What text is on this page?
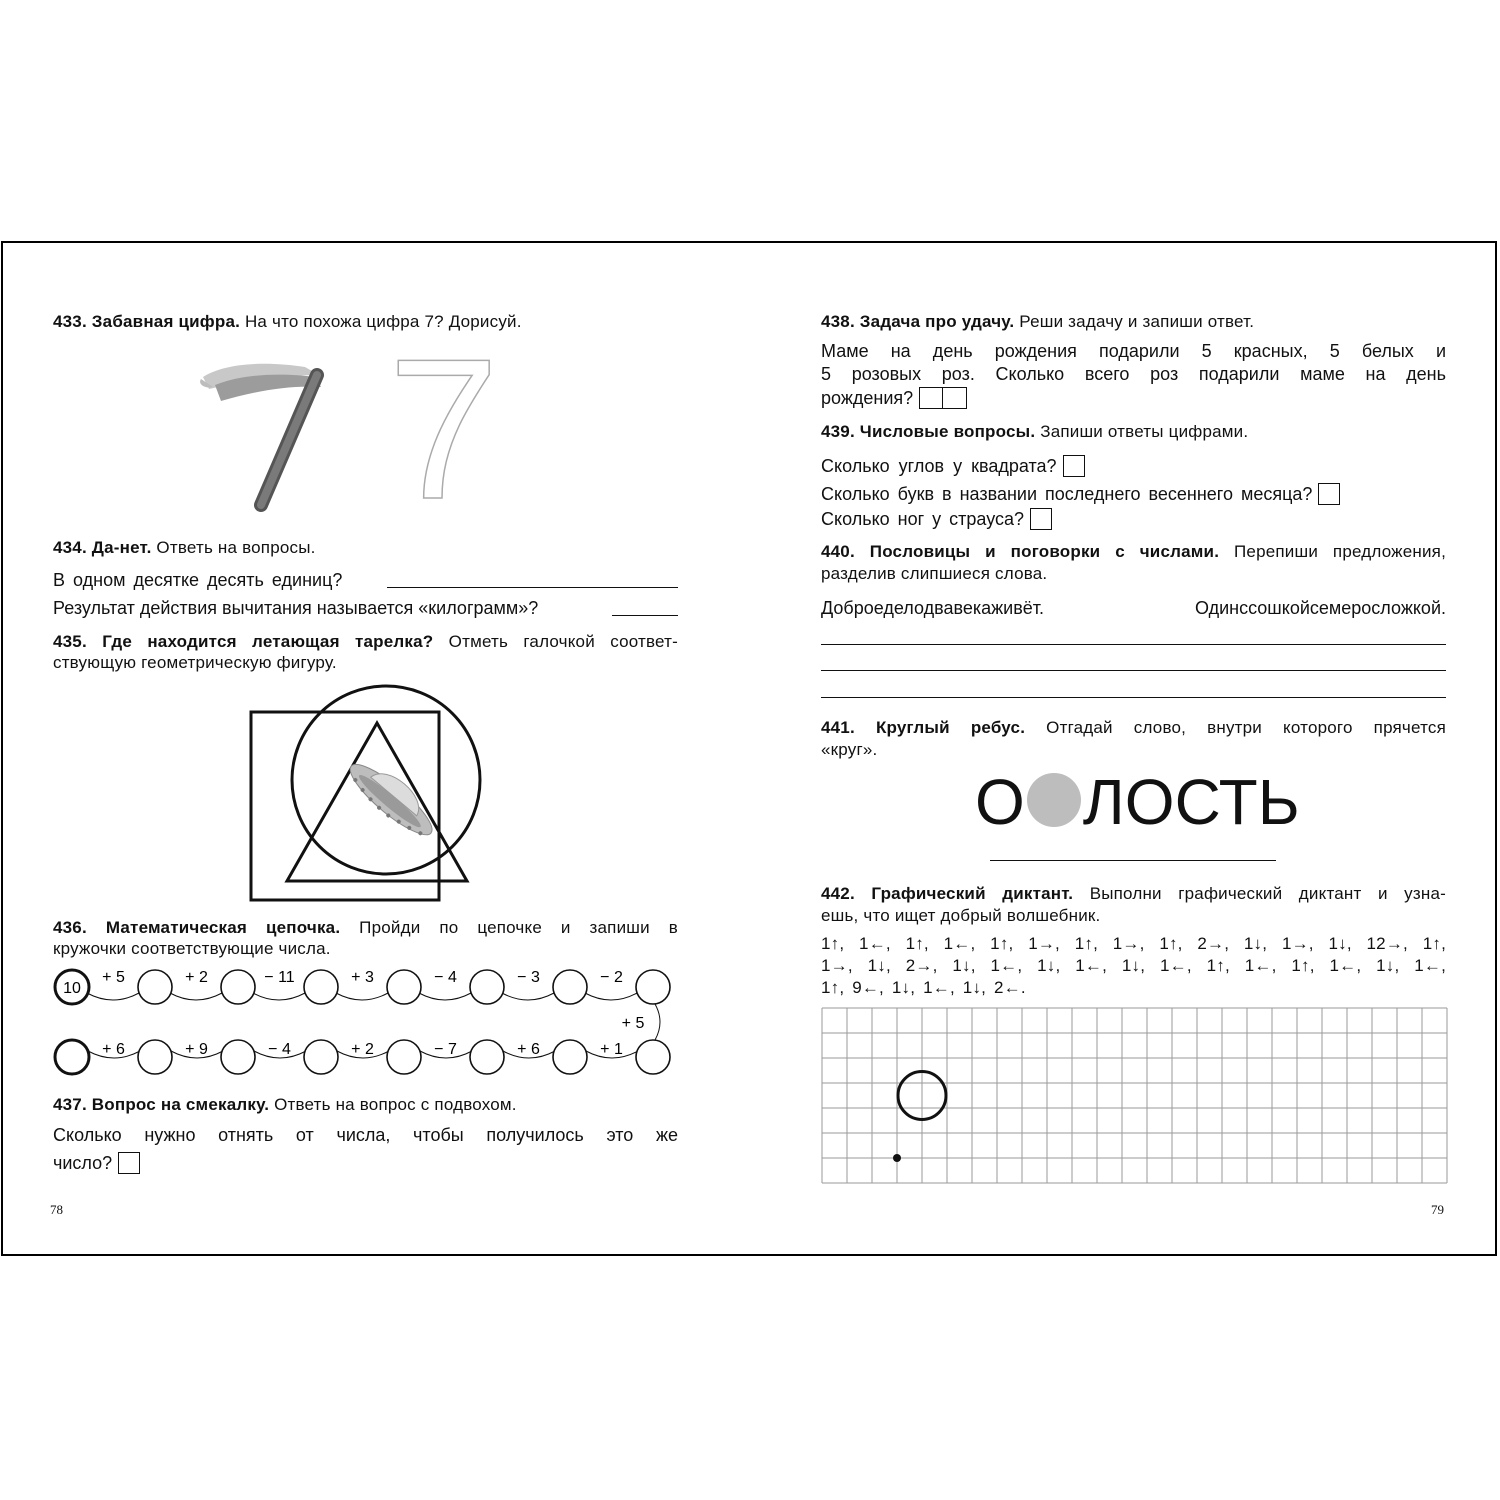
433. Забавная цифра. На что похожа цифра 7? Дорисуй.
7
434. Да-нет. Ответь на вопросы.
В одном десятке десять единиц?
Результат действия вычитания называется «килограмм»?
435. Где находится летающая тарелка? Отметь галочкой соответ-
ствующую геометрическую фигуру.
436. Математическая цепочка. Пройди по цепочке и запиши в
кружочки соответствующие числа.
10
+ 5	+ 2	− 11	+ 3	− 4	− 3	− 2
+ 5
+ 6	+ 9	− 4	+ 2	− 7	+ 6	+ 1
437. Вопрос на смекалку. Ответь на вопрос с подвохом.
Сколько нужно отнять от числа, чтобы получилось это же
число?
78
438. Задача про удачу. Реши задачу и запиши ответ.
Маме на день рождения подарили 5 красных, 5 белых и
5 розовых роз. Сколько всего роз подарили маме на день
рождения?
439. Числовые вопросы. Запиши ответы цифрами.
Сколько углов у квадрата?
Сколько букв в названии последнего весеннего месяца?
Сколько ног у страуса?
440. Пословицы и поговорки с числами. Перепиши предложения,
разделив слипшиеся слова.
Доброеделодвавекаживёт.	Одинссошкойсемеросложкой.
441. Круглый ребус. Отгадай слово, внутри которого прячется
«круг».
О ЛОСТЬ
442. Графический диктант. Выполни графический диктант и узна-
ешь, что ищет добрый волшебник.
1↑, 1←, 1↑, 1←, 1↑, 1→, 1↑, 1→, 1↑, 2→, 1↓, 1→, 1↓, 12→, 1↑,
1→, 1↓, 2→, 1↓, 1←, 1↓, 1←, 1↓, 1←, 1↑, 1←, 1↑, 1←, 1↓, 1←,
1↑, 9←, 1↓, 1←, 1↓, 2←.
79
